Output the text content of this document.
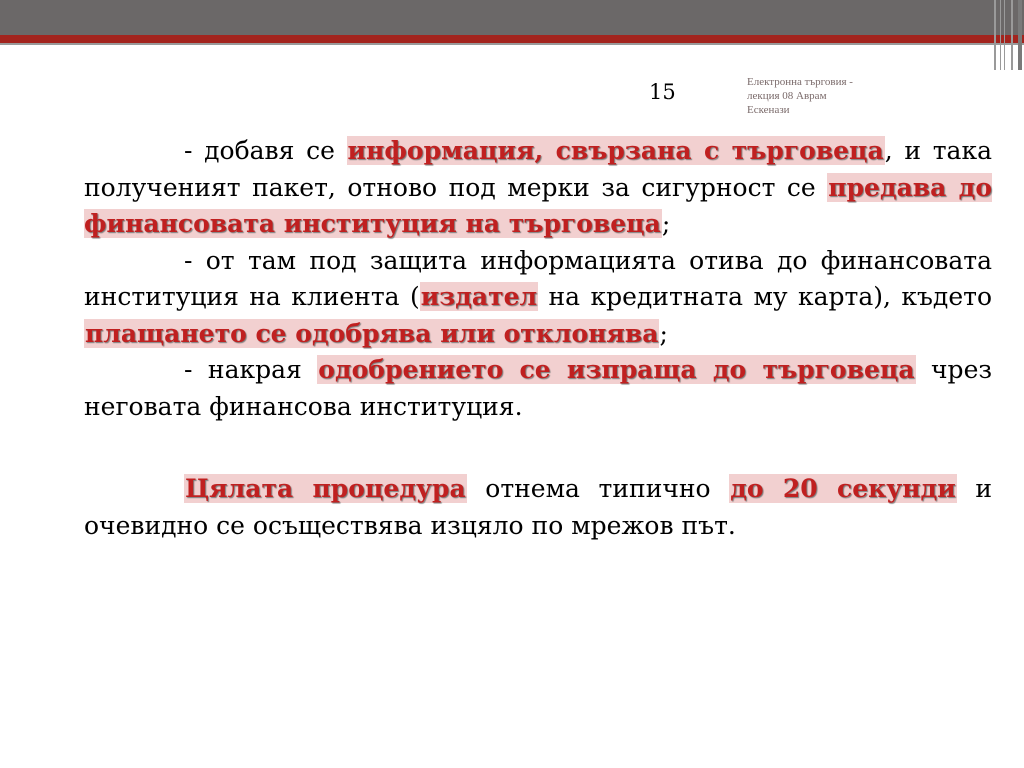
15	Електронна търговия - лекция 08 Аврам Ескенази
- добавя се информация, свързана с търговеца, и така полученият пакет, отново под мерки за сигурност се предава до финансовата институция на търговеца;
- от там под защита информацията отива до финансовата институция на клиента (издател на кредитната му карта), където плащането се одобрява или отклонява;
- накрая одобрението се изпраща до търговеца чрез неговата финансова институция.
Цялата процедура отнема типично до 20 секунди и очевидно се осъществява изцяло по мрежов път.
